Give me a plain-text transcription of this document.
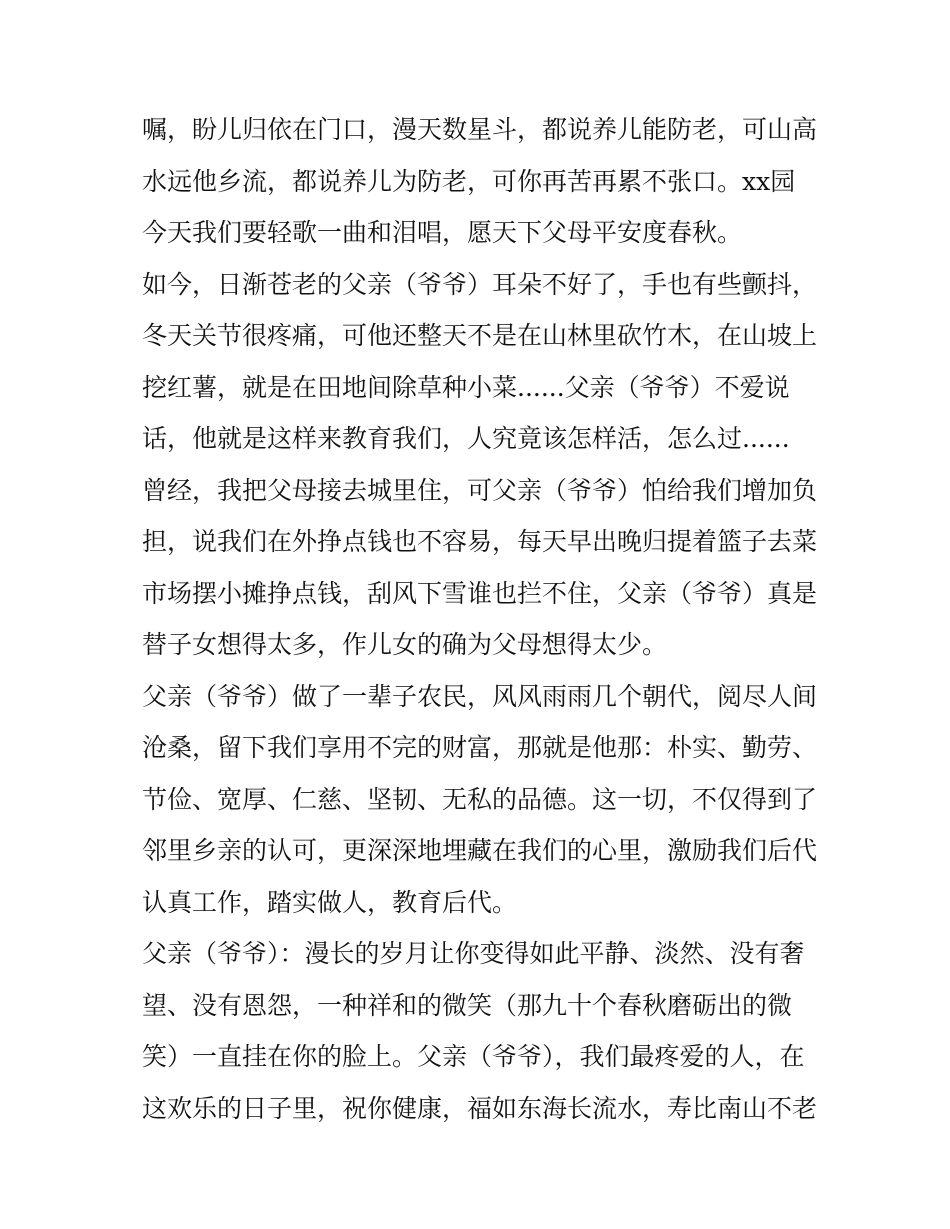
嘱，盼儿归依在门口，漫天数星斗，都说养儿能防老，可山高
水远他乡流，都说养儿为防老，可你再苦再累不张口。xx园
今天我们要轻歌一曲和泪唱，愿天下父母平安度春秋。
如今，日渐苍老的父亲（爷爷）耳朵不好了，手也有些颤抖，
冬天关节很疼痛，可他还整天不是在山林里砍竹木，在山坡上
挖红薯，就是在田地间除草种小菜......父亲（爷爷）不爱说
话，他就是这样来教育我们，人究竟该怎样活，怎么过......
曾经，我把父母接去城里住，可父亲（爷爷）怕给我们增加负
担，说我们在外挣点钱也不容易，每天早出晚归提着篮子去菜
市场摆小摊挣点钱，刮风下雪谁也拦不住，父亲（爷爷）真是
替子女想得太多，作儿女的确为父母想得太少。
父亲（爷爷）做了一辈子农民，风风雨雨几个朝代，阅尽人间
沧桑，留下我们享用不完的财富，那就是他那：朴实、勤劳、
节俭、宽厚、仁慈、坚韧、无私的品德。这一切，不仅得到了
邻里乡亲的认可，更深深地埋藏在我们的心里，激励我们后代
认真工作，踏实做人，教育后代。
父亲（爷爷）：漫长的岁月让你变得如此平静、淡然、没有奢
望、没有恩怨，一种祥和的微笑（那九十个春秋磨砺出的微
笑）一直挂在你的脸上。父亲（爷爷），我们最疼爱的人，在
这欢乐的日子里，祝你健康，福如东海长流水，寿比南山不老
